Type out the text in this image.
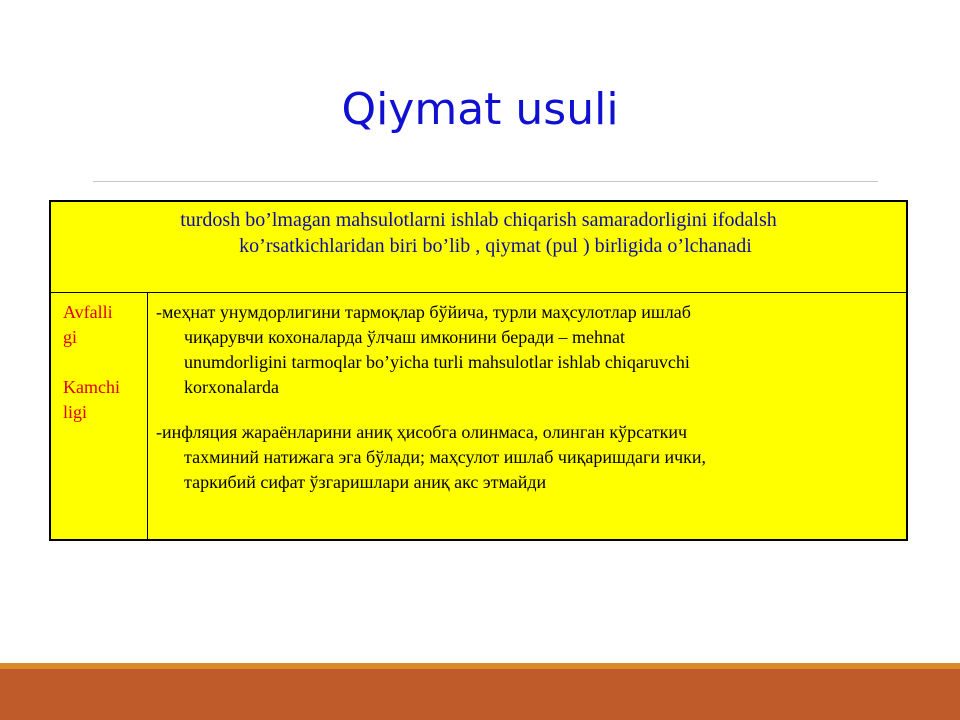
Qiymat usuli
turdosh bo’lmagan mahsulotlarni ishlab chiqarish samaradorligini ifodalsh
ko’rsatkichlaridan biri bo’lib , qiymat (pul ) birligida o’lchanadi
Avfalli
gi
Kamchi
ligi
-меҳнат унумдорлигини тармоқлар бўйича, турли маҳсулотлар ишлаб
чиқарувчи кохоналарда ўлчаш имконини беради – mehnat
unumdorligini tarmoqlar bo’yicha turli mahsulotlar ishlab chiqaruvchi
korxonalarda
-инфляция жараёнларини аниқ ҳисобга олинмаса, олинган кўрсаткич
тахминий натижага эга бўлади; маҳсулот ишлаб чиқаришдаги ички,
таркибий сифат ўзгаришлари аниқ акс этмайди
